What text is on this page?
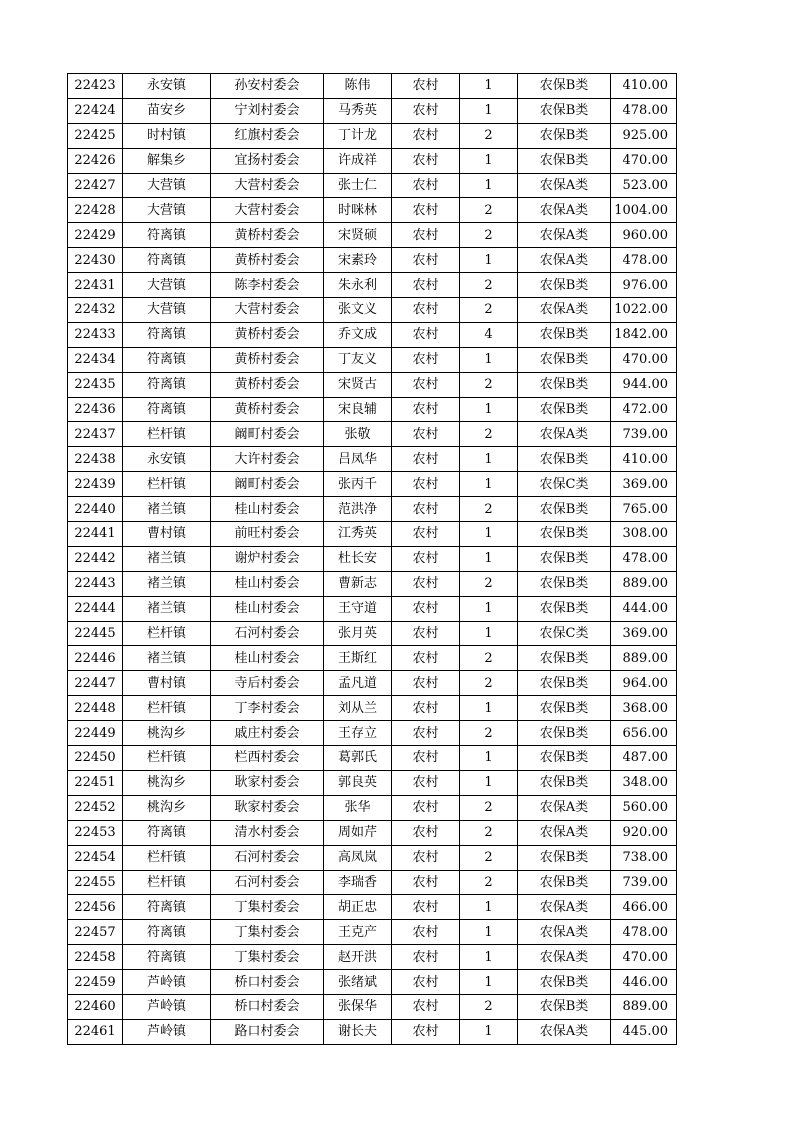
22423	永安镇	孙安村委会	陈伟	农村	1	农保B类	410.00
22424	苗安乡	宁刘村委会	马秀英	农村	1	农保B类	478.00
22425	时村镇	红旗村委会	丁计龙	农村	2	农保B类	925.00
22426	解集乡	宜扬村委会	许成祥	农村	1	农保B类	470.00
22427	大营镇	大营村委会	张士仁	农村	1	农保A类	523.00
22428	大营镇	大营村委会	时咪林	农村	2	农保A类	1004.00
22429	符离镇	黄桥村委会	宋贤硕	农村	2	农保A类	960.00
22430	符离镇	黄桥村委会	宋素玲	农村	1	农保A类	478.00
22431	大营镇	陈李村委会	朱永利	农村	2	农保B类	976.00
22432	大营镇	大营村委会	张文义	农村	2	农保A类	1022.00
22433	符离镇	黄桥村委会	乔文成	农村	4	农保B类	1842.00
22434	符离镇	黄桥村委会	丁友义	农村	1	农保B类	470.00
22435	符离镇	黄桥村委会	宋贤古	农村	2	农保B类	944.00
22436	符离镇	黄桥村委会	宋良辅	农村	1	农保B类	472.00
22437	栏杆镇	阚町村委会	张敬	农村	2	农保A类	739.00
22438	永安镇	大许村委会	吕凤华	农村	1	农保B类	410.00
22439	栏杆镇	阚町村委会	张丙千	农村	1	农保C类	369.00
22440	褚兰镇	桂山村委会	范洪净	农村	2	农保B类	765.00
22441	曹村镇	前旺村委会	江秀英	农村	1	农保B类	308.00
22442	褚兰镇	谢炉村委会	杜长安	农村	1	农保B类	478.00
22443	褚兰镇	桂山村委会	曹新志	农村	2	农保B类	889.00
22444	褚兰镇	桂山村委会	王守道	农村	1	农保B类	444.00
22445	栏杆镇	石河村委会	张月英	农村	1	农保C类	369.00
22446	褚兰镇	桂山村委会	王斯红	农村	2	农保B类	889.00
22447	曹村镇	寺后村委会	孟凡道	农村	2	农保B类	964.00
22448	栏杆镇	丁李村委会	刘从兰	农村	1	农保B类	368.00
22449	桃沟乡	戚庄村委会	王存立	农村	2	农保B类	656.00
22450	栏杆镇	栏西村委会	葛郭氏	农村	1	农保B类	487.00
22451	桃沟乡	耿家村委会	郭良英	农村	1	农保B类	348.00
22452	桃沟乡	耿家村委会	张华	农村	2	农保A类	560.00
22453	符离镇	清水村委会	周如芹	农村	2	农保A类	920.00
22454	栏杆镇	石河村委会	高凤岚	农村	2	农保B类	738.00
22455	栏杆镇	石河村委会	李瑞香	农村	2	农保B类	739.00
22456	符离镇	丁集村委会	胡正忠	农村	1	农保A类	466.00
22457	符离镇	丁集村委会	王克产	农村	1	农保A类	478.00
22458	符离镇	丁集村委会	赵开洪	农村	1	农保A类	470.00
22459	芦岭镇	桥口村委会	张绪斌	农村	1	农保B类	446.00
22460	芦岭镇	桥口村委会	张保华	农村	2	农保B类	889.00
22461	芦岭镇	路口村委会	谢长夫	农村	1	农保A类	445.00
